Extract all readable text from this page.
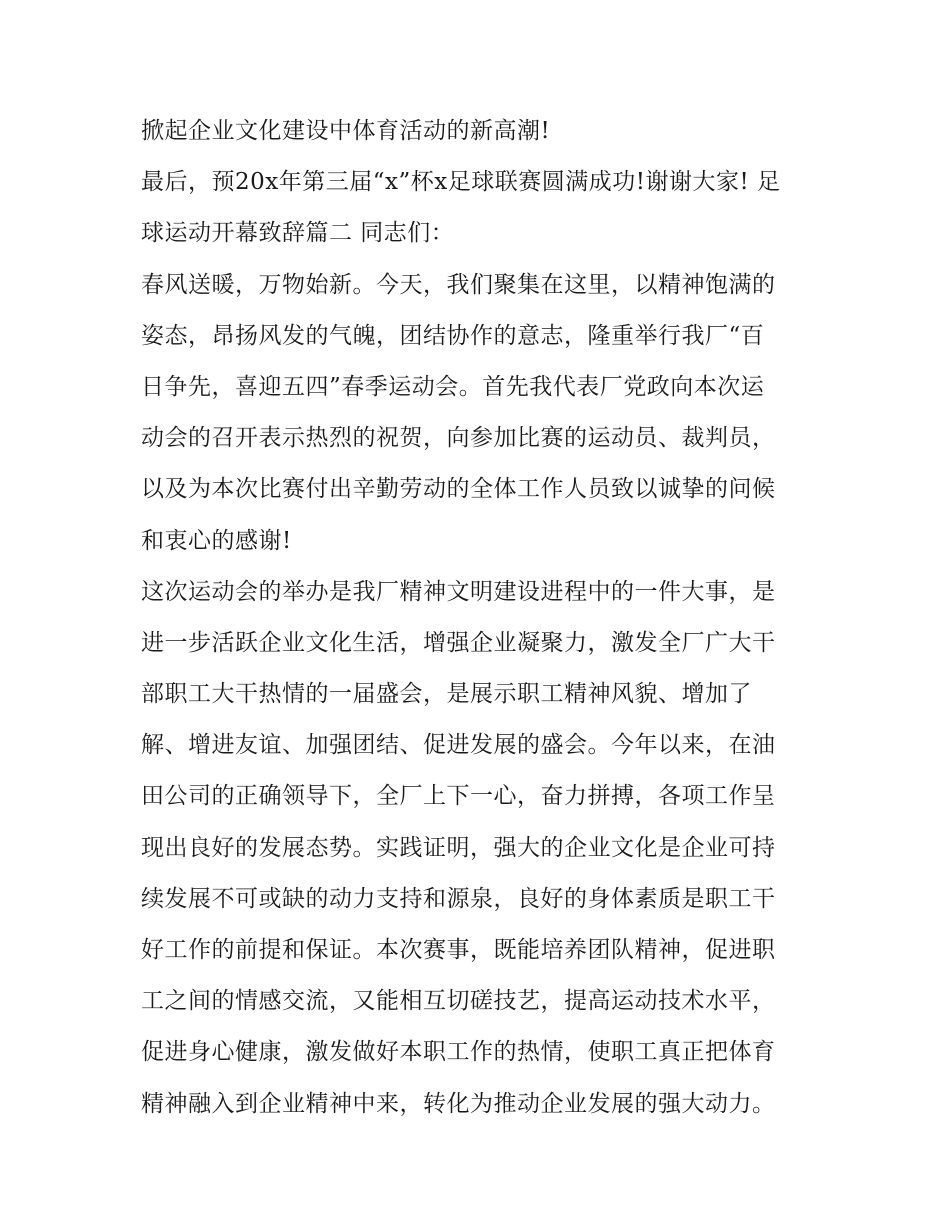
掀起企业文化建设中体育活动的新高潮!
最后，预20x年第三届“x”杯x足球联赛圆满成功!谢谢大家! 足
球运动开幕致辞篇二 同志们：
春风送暖，万物始新。今天，我们聚集在这里，以精神饱满的
姿态，昂扬风发的气魄，团结协作的意志，隆重举行我厂“百
日争先，喜迎五四”春季运动会。首先我代表厂党政向本次运
动会的召开表示热烈的祝贺，向参加比赛的运动员、裁判员，
以及为本次比赛付出辛勤劳动的全体工作人员致以诚挚的问候
和衷心的感谢!
这次运动会的举办是我厂精神文明建设进程中的一件大事，是
进一步活跃企业文化生活，增强企业凝聚力，激发全厂广大干
部职工大干热情的一届盛会，是展示职工精神风貌、增加了
解、增进友谊、加强团结、促进发展的盛会。今年以来，在油
田公司的正确领导下，全厂上下一心，奋力拼搏，各项工作呈
现出良好的发展态势。实践证明，强大的企业文化是企业可持
续发展不可或缺的动力支持和源泉，良好的身体素质是职工干
好工作的前提和保证。本次赛事，既能培养团队精神，促进职
工之间的情感交流，又能相互切磋技艺，提高运动技术水平，
促进身心健康，激发做好本职工作的热情，使职工真正把体育
精神融入到企业精神中来，转化为推动企业发展的强大动力。
